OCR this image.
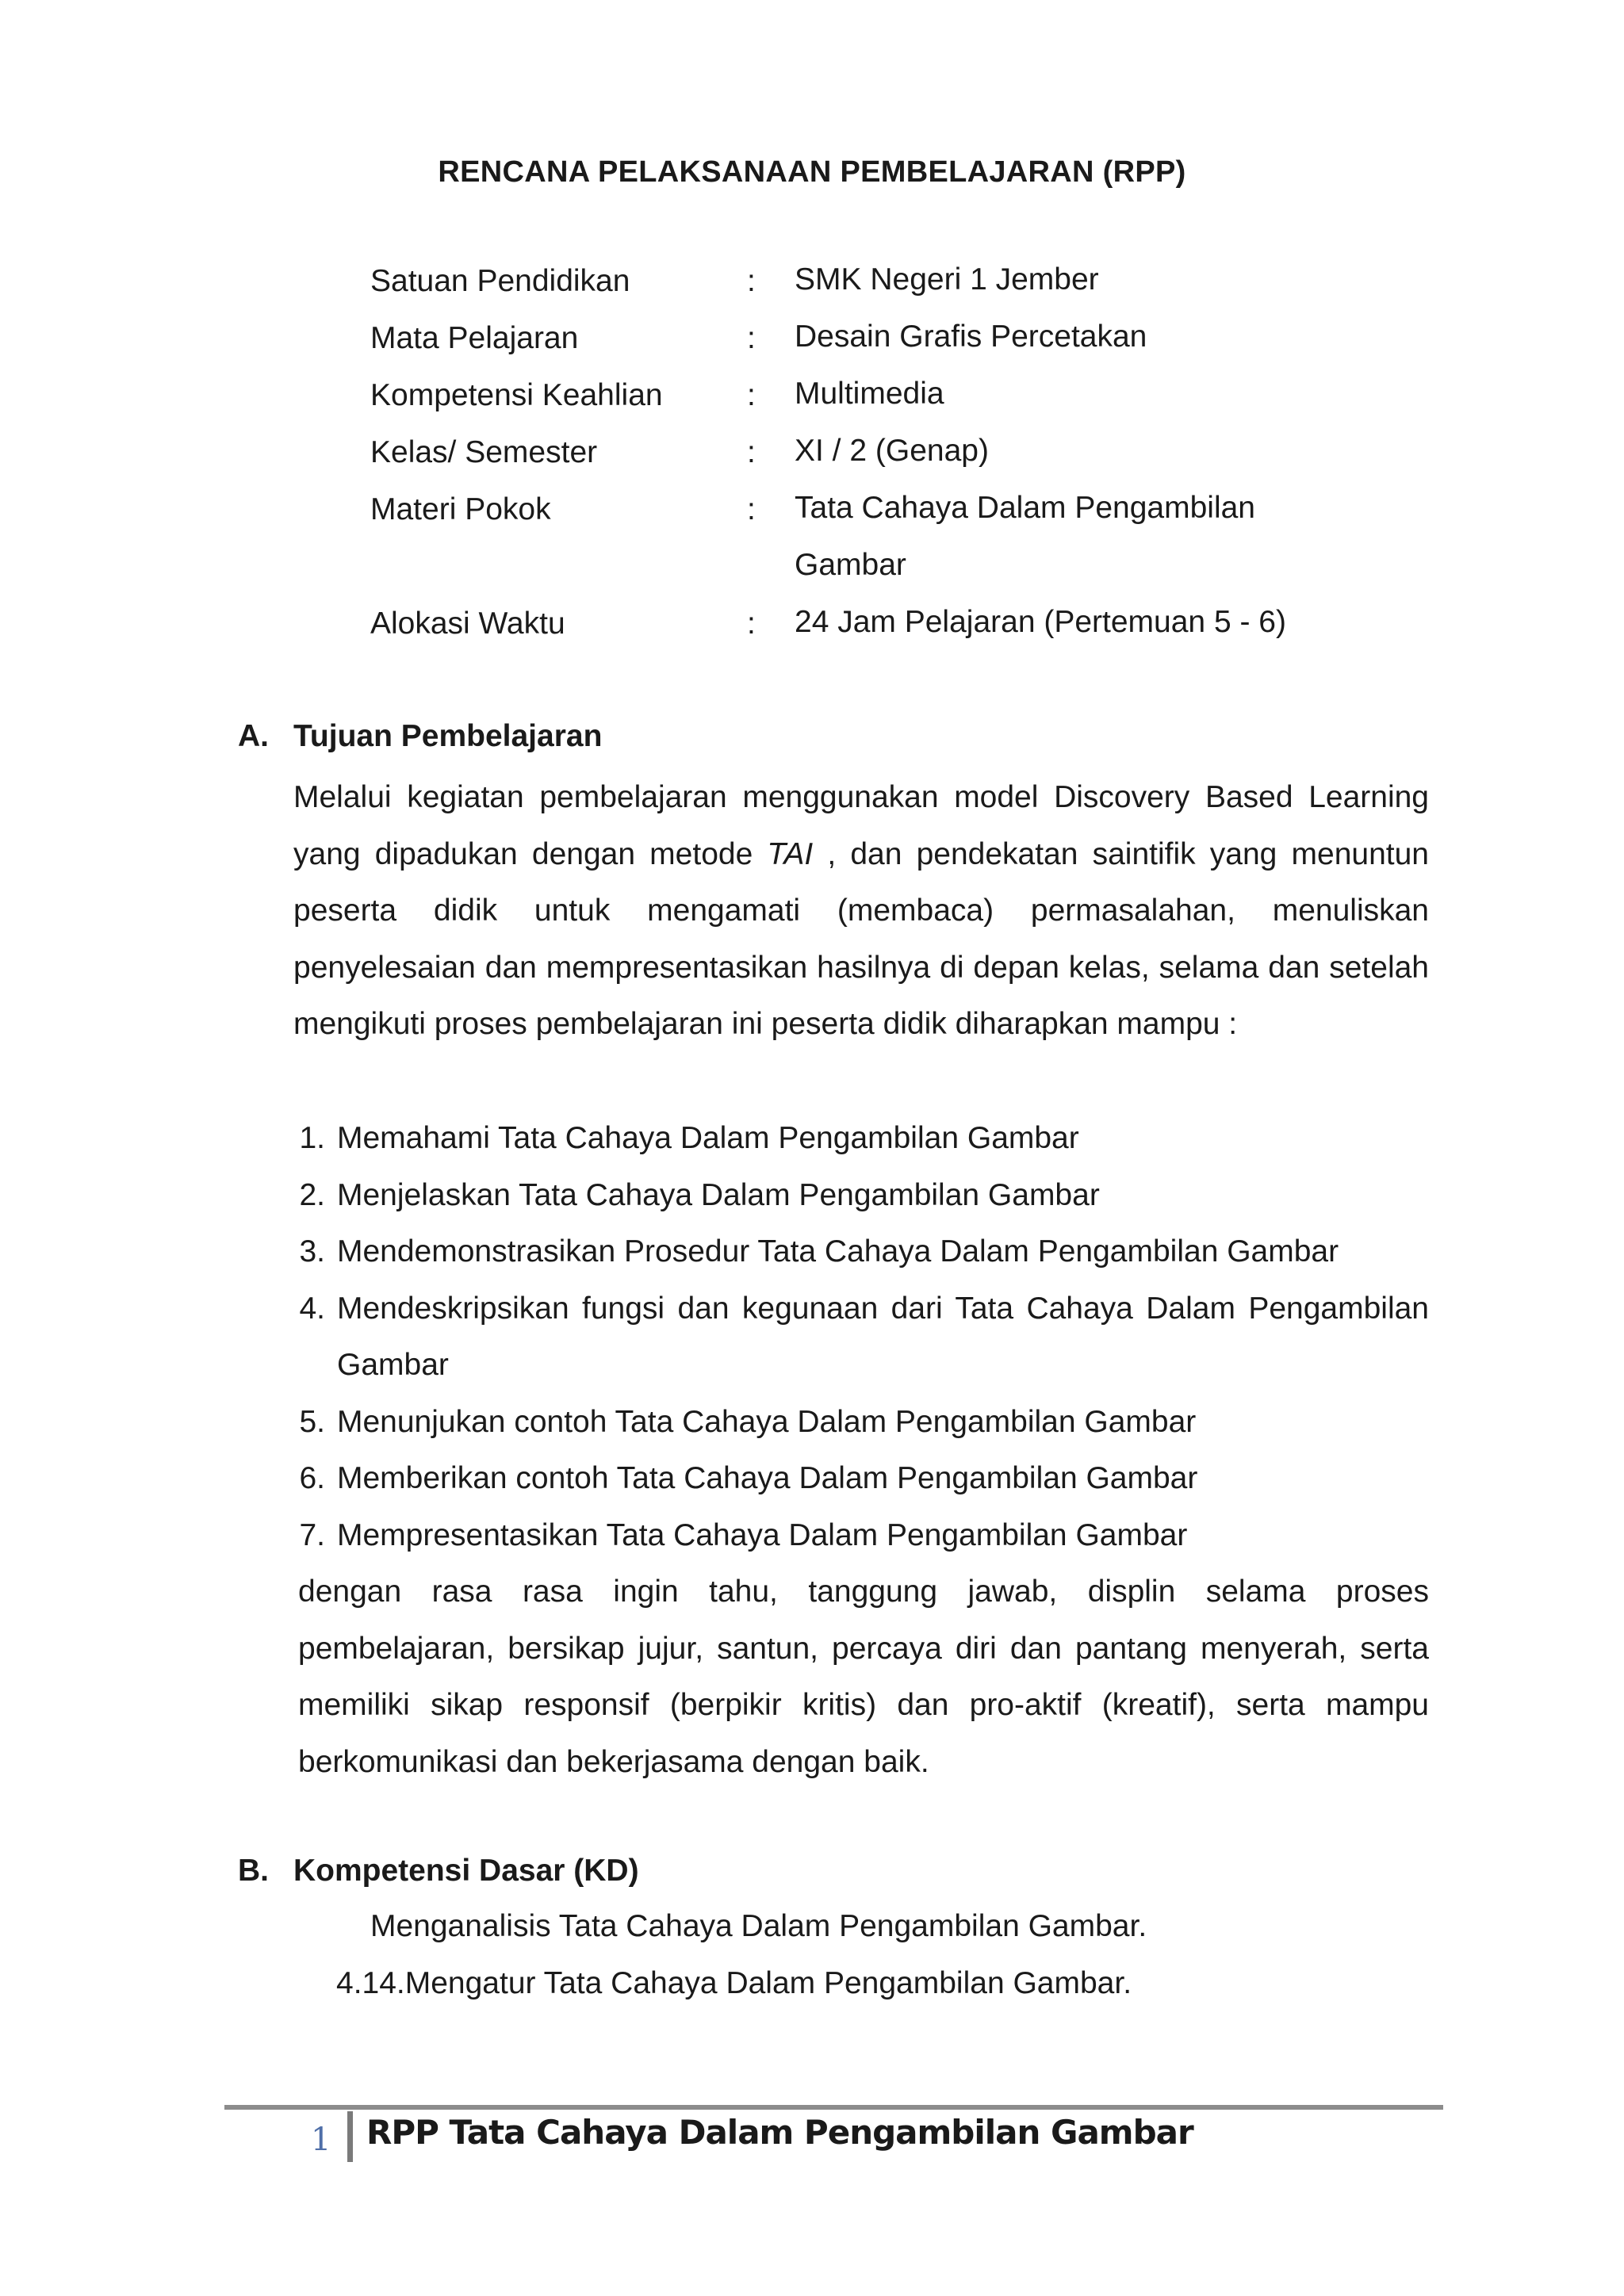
RENCANA PELAKSANAAN PEMBELAJARAN (RPP)
Satuan Pendidikan	: SMK Negeri 1 Jember
Mata Pelajaran	: Desain Grafis Percetakan
Kompetensi Keahlian	: Multimedia
Kelas/ Semester	: XI / 2 (Genap)
Materi Pokok	: Tata Cahaya Dalam Pengambilan Gambar
Alokasi Waktu	: 24 Jam Pelajaran (Pertemuan 5 - 6)
A. Tujuan Pembelajaran
Melalui kegiatan pembelajaran menggunakan model Discovery Based Learning yang dipadukan dengan metode TAI , dan pendekatan saintifik yang menuntun peserta didik untuk mengamati (membaca) permasalahan, menuliskan penyelesaian dan mempresentasikan hasilnya di depan kelas, selama dan setelah mengikuti proses pembelajaran ini peserta didik diharapkan mampu :
1. Memahami Tata Cahaya Dalam Pengambilan Gambar
2. Menjelaskan Tata Cahaya Dalam Pengambilan Gambar
3. Mendemonstrasikan Prosedur Tata Cahaya Dalam Pengambilan Gambar
4. Mendeskripsikan fungsi dan kegunaan dari Tata Cahaya Dalam Pengambilan Gambar
5. Menunjukan contoh Tata Cahaya Dalam Pengambilan Gambar
6. Memberikan contoh Tata Cahaya Dalam Pengambilan Gambar
7. Mempresentasikan Tata Cahaya Dalam Pengambilan Gambar
dengan rasa rasa ingin tahu, tanggung jawab, displin selama proses pembelajaran, bersikap jujur, santun, percaya diri dan pantang menyerah, serta memiliki sikap responsif (berpikir kritis) dan pro-aktif (kreatif), serta mampu berkomunikasi dan bekerjasama dengan baik.
B. Kompetensi Dasar (KD)
Menganalisis Tata Cahaya Dalam Pengambilan Gambar.
4.14.Mengatur Tata Cahaya Dalam Pengambilan Gambar.
1 RPP Tata Cahaya Dalam Pengambilan Gambar
